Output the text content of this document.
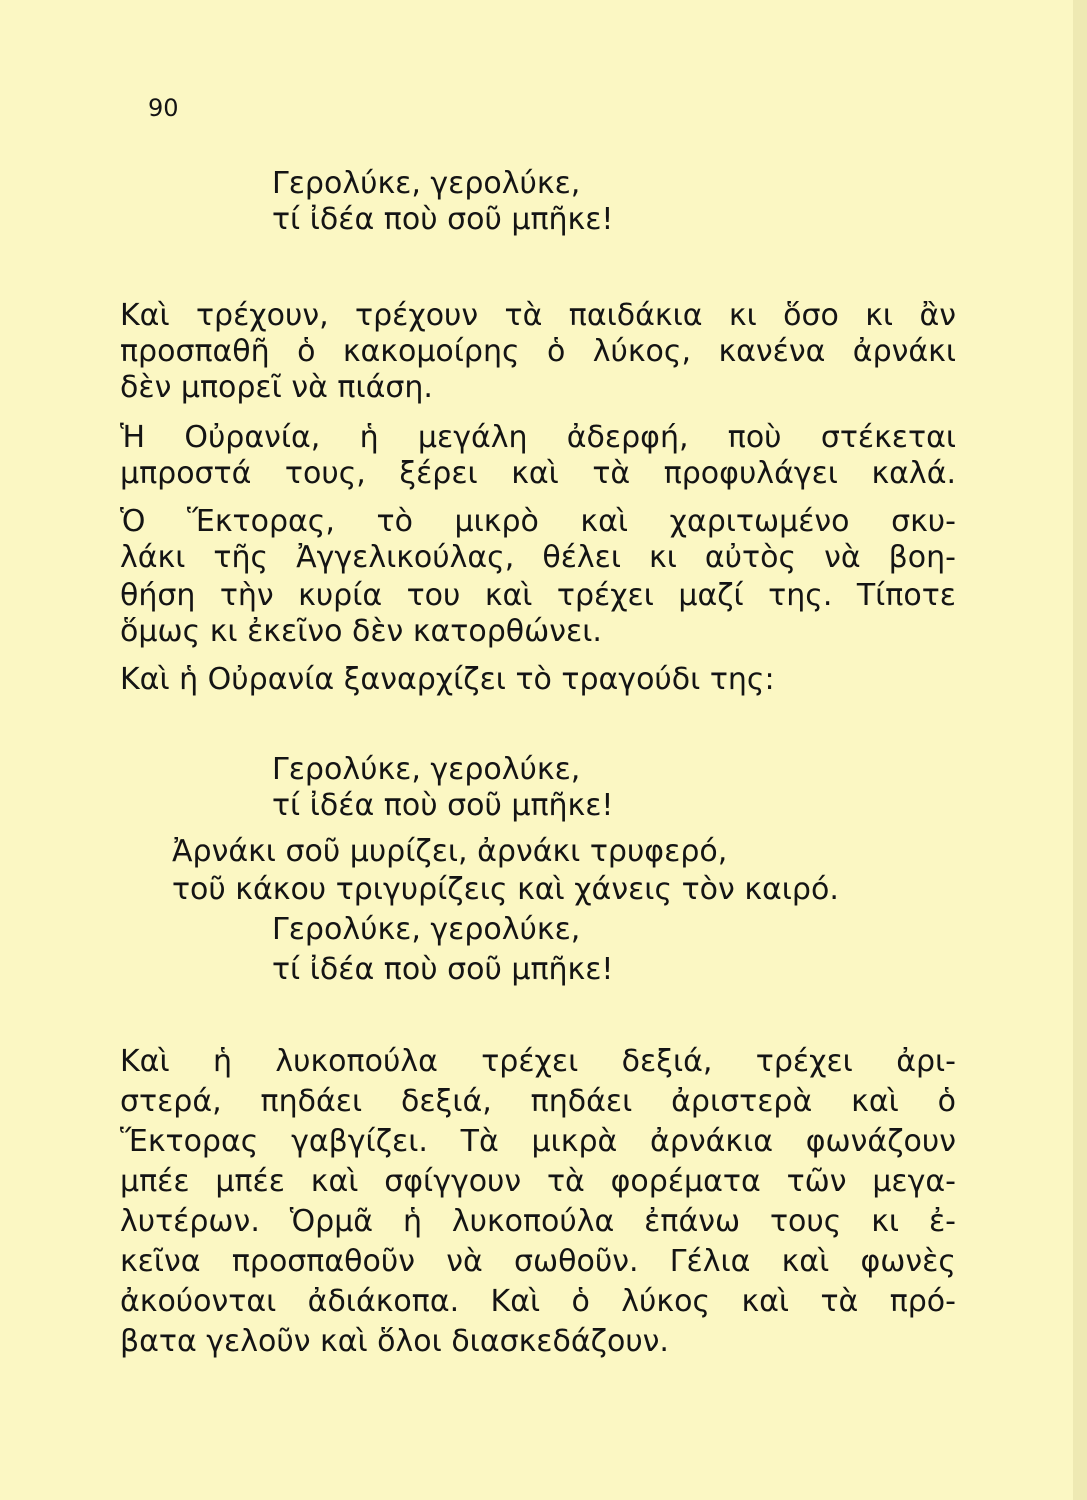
90

Γερολύκε, γερολύκε,

τί ἰδέα ποὺ σοῦ μπῆκε!

Καὶ τρέχουν, τρέχουν τὰ παιδάκια κι ὅσο κι ἂν

προσπαθῆ ὁ κακομοίρης ὁ λύκος, κανένα ἀρνάκι

δὲν μπορεῖ νὰ πιάση.

Ἡ Οὐρανία, ἡ μεγάλη ἀδερφή, ποὺ στέκεται

μπροστά τους, ξέρει καὶ τὰ προφυλάγει καλά.

Ὁ Ἕκτορας, τὸ μικρὸ καὶ χαριτωμένο σκυ-

λάκι τῆς Ἀγγελικούλας, θέλει κι αὐτὸς νὰ βοη-

θήση τὴν κυρία του καὶ τρέχει μαζί της. Τίποτε

ὅμως κι ἐκεῖνο δὲν κατορθώνει.

Καὶ ἡ Οὐρανία ξαναρχίζει τὸ τραγούδι της:

Γερολύκε, γερολύκε,

τί ἰδέα ποὺ σοῦ μπῆκε!

Ἀρνάκι σοῦ μυρίζει, ἀρνάκι τρυφερό,

τοῦ κάκου τριγυρίζεις καὶ χάνεις τὸν καιρό.

Γερολύκε, γερολύκε,

τί ἰδέα ποὺ σοῦ μπῆκε!

Καὶ ἡ λυκοπούλα τρέχει δεξιά, τρέχει ἀρι-

στερά, πηδάει δεξιά, πηδάει ἀριστερὰ καὶ ὁ

Ἕκτορας γαβγίζει. Τὰ μικρὰ ἀρνάκια φωνάζουν

μπέε μπέε καὶ σφίγγουν τὰ φορέματα τῶν μεγα-

λυτέρων. Ὁρμᾶ ἡ λυκοπούλα ἐπάνω τους κι ἐ-

κεῖνα προσπαθοῦν νὰ σωθοῦν. Γέλια καὶ φωνὲς

ἀκούονται ἀδιάκοπα. Καὶ ὁ λύκος καὶ τὰ πρό-

βατα γελοῦν καὶ ὅλοι διασκεδάζουν.
